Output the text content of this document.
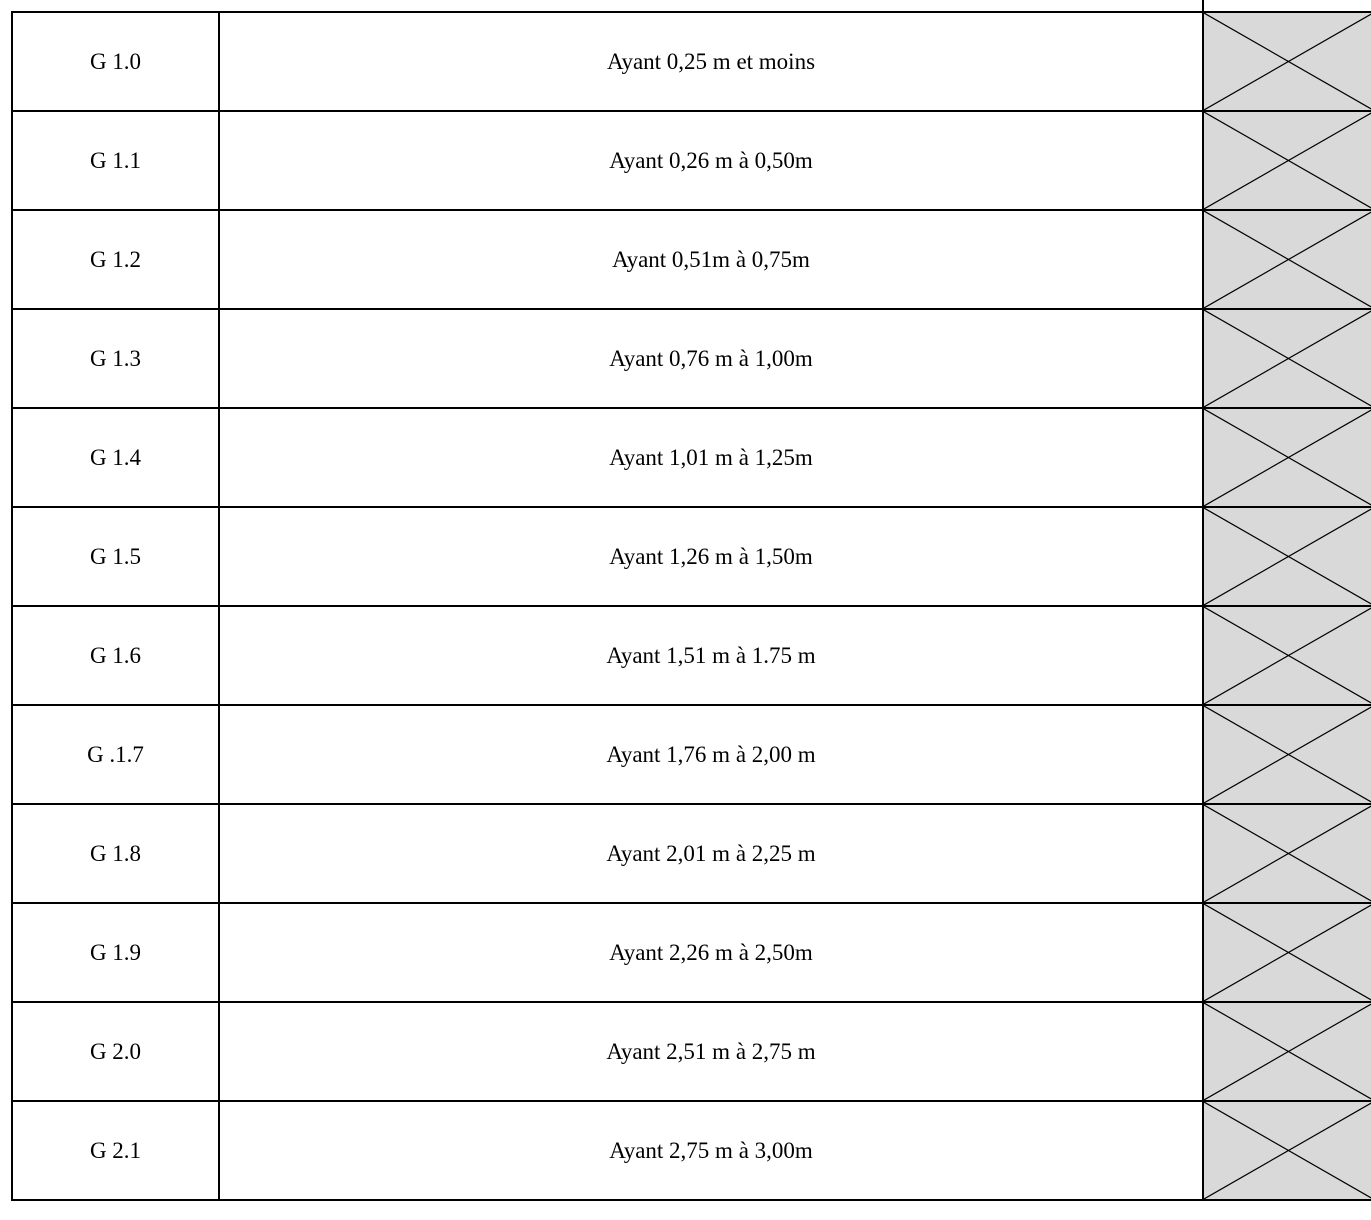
G 1.0	Ayant 0,25 m et moins	

G 1.1	Ayant 0,26 m à 0,50m	

G 1.2	Ayant 0,51m à 0,75m	

G 1.3	Ayant 0,76 m à 1,00m	

G 1.4	Ayant 1,01 m à 1,25m	

G 1.5	Ayant 1,26 m à 1,50m	

G 1.6	Ayant 1,51 m à 1.75 m	

G .1.7	Ayant 1,76 m à 2,00 m	

G 1.8	Ayant 2,01 m à 2,25 m	

G 1.9	Ayant 2,26 m à 2,50m	

G 2.0	Ayant 2,51 m à 2,75 m	

G 2.1	Ayant 2,75 m à 3,00m	
